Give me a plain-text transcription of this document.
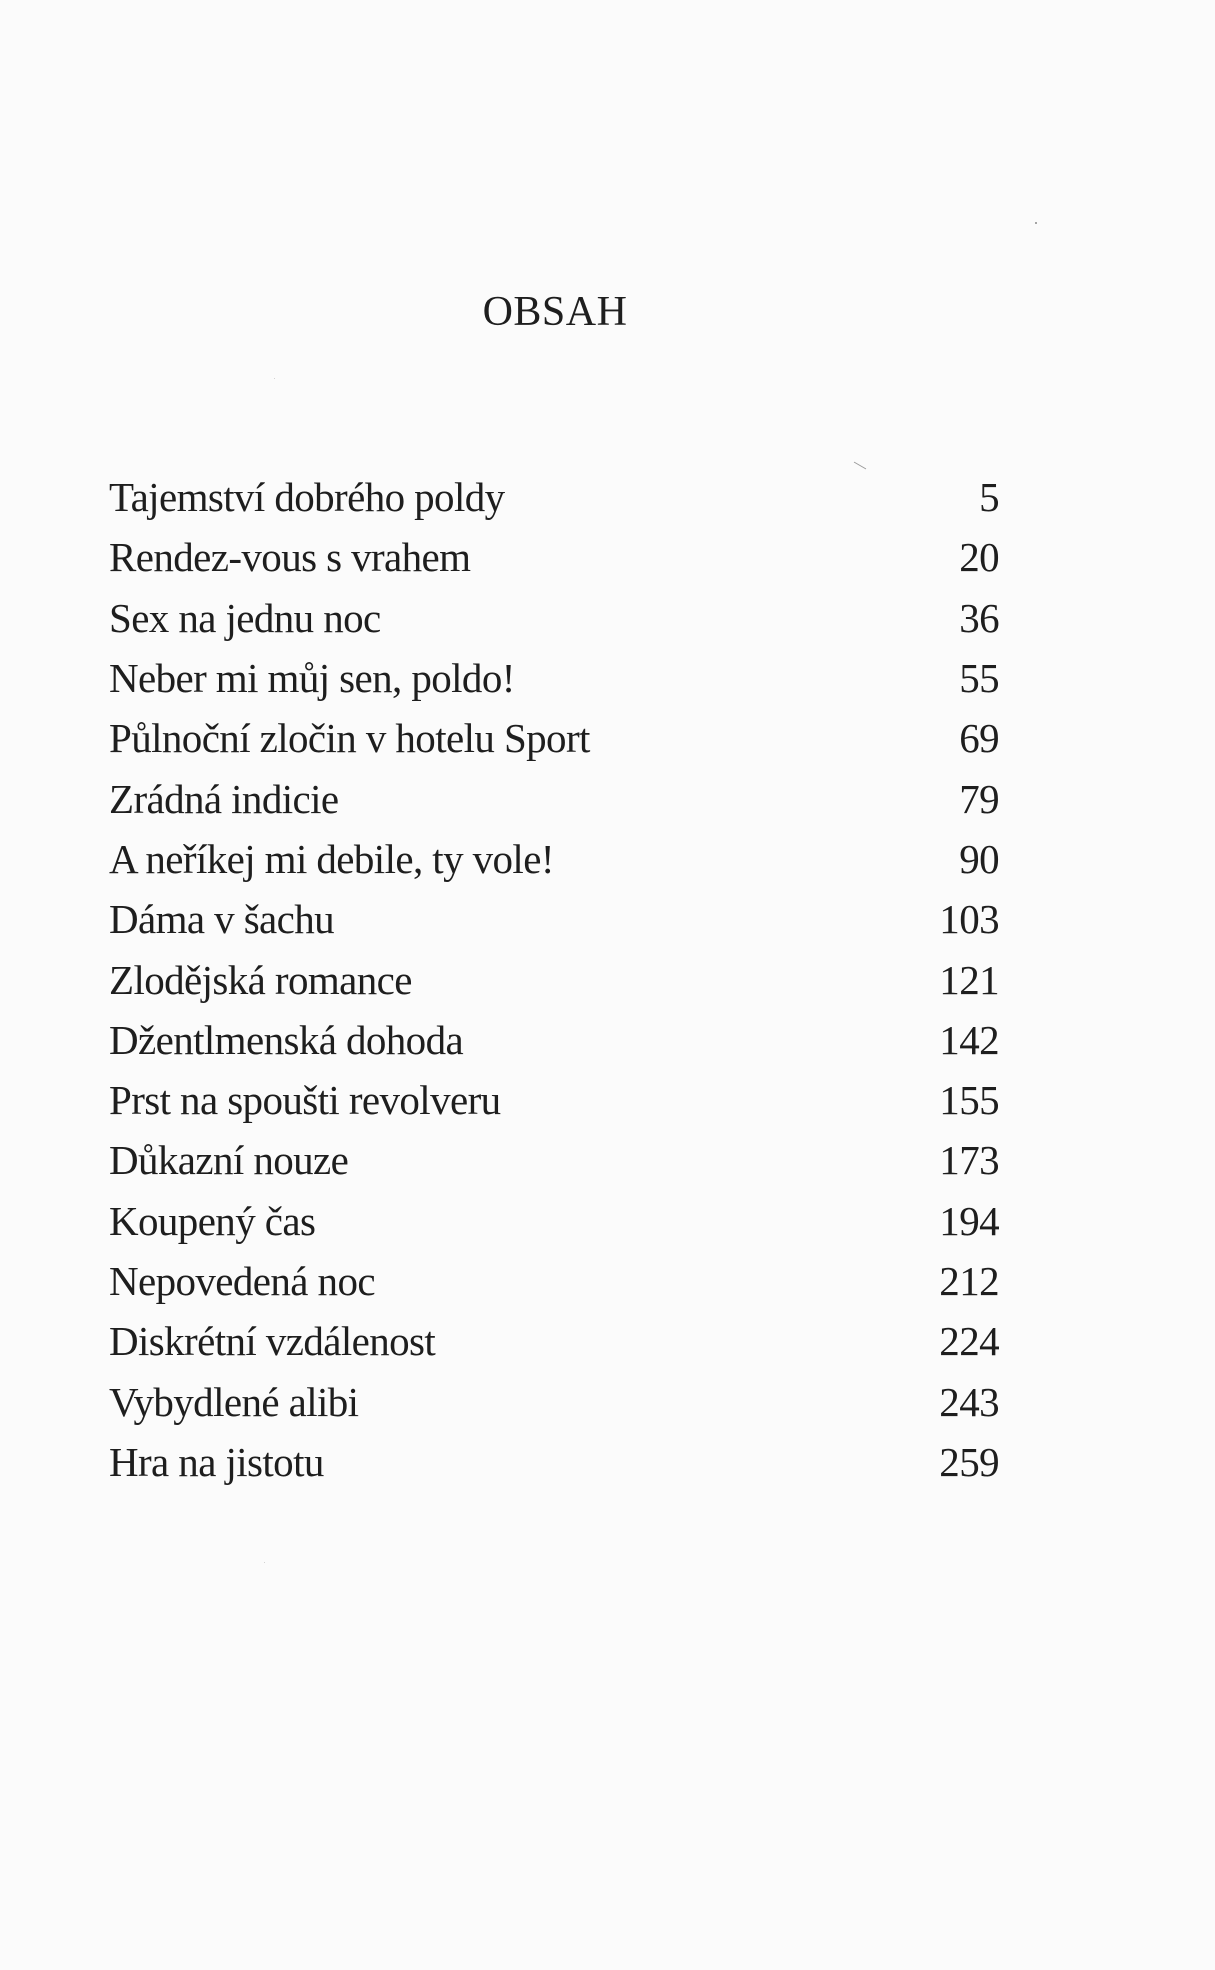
OBSAH
Tajemství dobrého poldy	5
Rendez-vous s vrahem	20
Sex na jednu noc	36
Neber mi můj sen, poldo!	55
Půlnoční zločin v hotelu Sport	69
Zrádná indicie	79
A neříkej mi debile, ty vole!	90
Dáma v šachu	103
Zlodějská romance	121
Džentlmenská dohoda	142
Prst na spoušti revolveru	155
Důkazní nouze	173
Koupený čas	194
Nepovedená noc	212
Diskrétní vzdálenost	224
Vybydlené alibi	243
Hra na jistotu	259
